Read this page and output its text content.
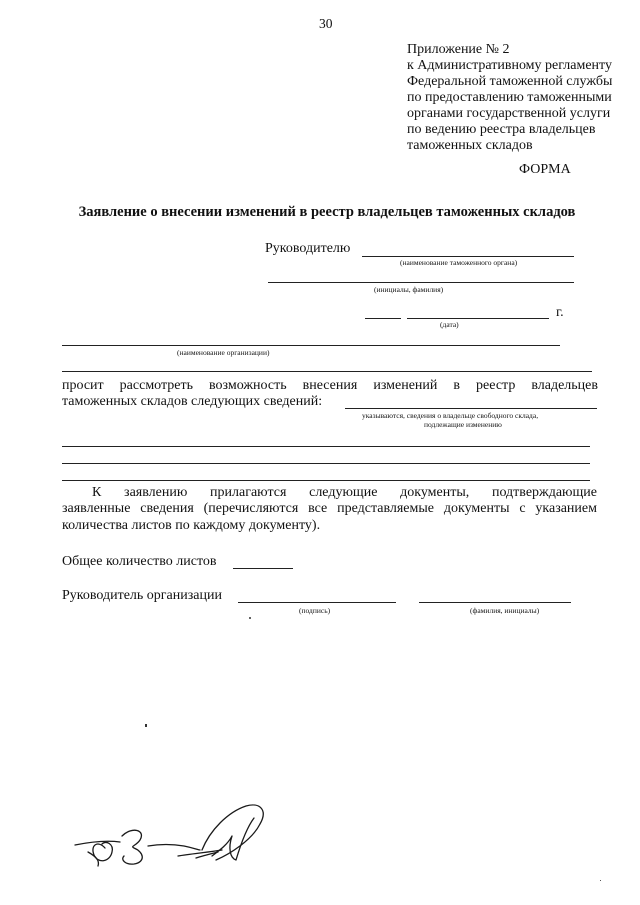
30
Приложение № 2
к Административному регламенту
Федеральной таможенной службы
по предоставлению таможенными
органами государственной услуги
по ведению реестра владельцев
таможенных складов
ФОРМА
Заявление о внесении изменений в реестр владельцев таможенных складов
Руководителю
(наименование таможенного органа)
(инициалы, фамилия)
г.
(дата)
(наименование организации)
просит рассмотреть возможность внесения изменений в реестр владельцев
таможенных складов следующих сведений:
указываются, сведения о владельце свободного склада,
подлежащие изменению
К заявлению прилагаются следующие документы, подтверждающие
заявленные сведения (перечисляются все представляемые документы с указанием
количества листов по каждому документу).
Общее количество листов
Руководитель организации
(подпись)	(фамилия, инициалы)
